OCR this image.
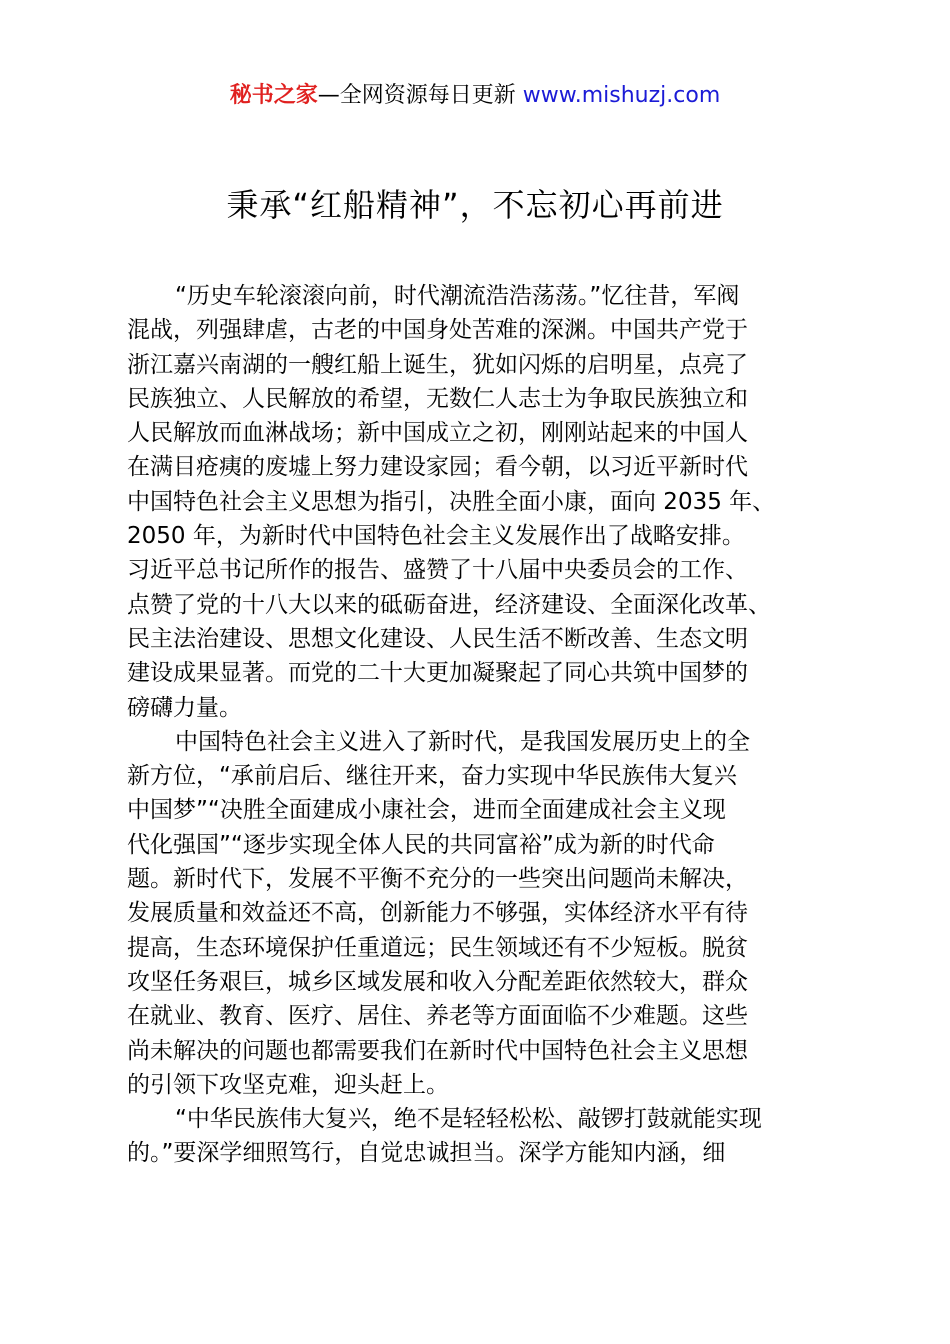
秘书之家—全网资源每日更新 www.mishuzj.com
秉承“红船精神”，不忘初心再前进
“历史车轮滚滚向前，时代潮流浩浩荡荡。”忆往昔，军阀
混战，列强肆虐，古老的中国身处苦难的深渊。中国共产党于
浙江嘉兴南湖的一艘红船上诞生，犹如闪烁的启明星，点亮了
民族独立、人民解放的希望，无数仁人志士为争取民族独立和
人民解放而血淋战场；新中国成立之初，刚刚站起来的中国人
在满目疮痍的废墟上努力建设家园；看今朝，以习近平新时代
中国特色社会主义思想为指引，决胜全面小康，面向 2035 年、
2050 年，为新时代中国特色社会主义发展作出了战略安排。
习近平总书记所作的报告、盛赞了十八届中央委员会的工作、
点赞了党的十八大以来的砥砺奋进，经济建设、全面深化改革、
民主法治建设、思想文化建设、人民生活不断改善、生态文明
建设成果显著。而党的二十大更加凝聚起了同心共筑中国梦的
磅礴力量。
中国特色社会主义进入了新时代，是我国发展历史上的全
新方位，“承前启后、继往开来，奋力实现中华民族伟大复兴
中国梦”“决胜全面建成小康社会，进而全面建成社会主义现
代化强国”“逐步实现全体人民的共同富裕”成为新的时代命
题。新时代下，发展不平衡不充分的一些突出问题尚未解决，
发展质量和效益还不高，创新能力不够强，实体经济水平有待
提高，生态环境保护任重道远；民生领域还有不少短板。脱贫
攻坚任务艰巨，城乡区域发展和收入分配差距依然较大，群众
在就业、教育、医疗、居住、养老等方面面临不少难题。这些
尚未解决的问题也都需要我们在新时代中国特色社会主义思想
的引领下攻坚克难，迎头赶上。
“中华民族伟大复兴，绝不是轻轻松松、敲锣打鼓就能实现
的。”要深学细照笃行，自觉忠诚担当。深学方能知内涵，细
